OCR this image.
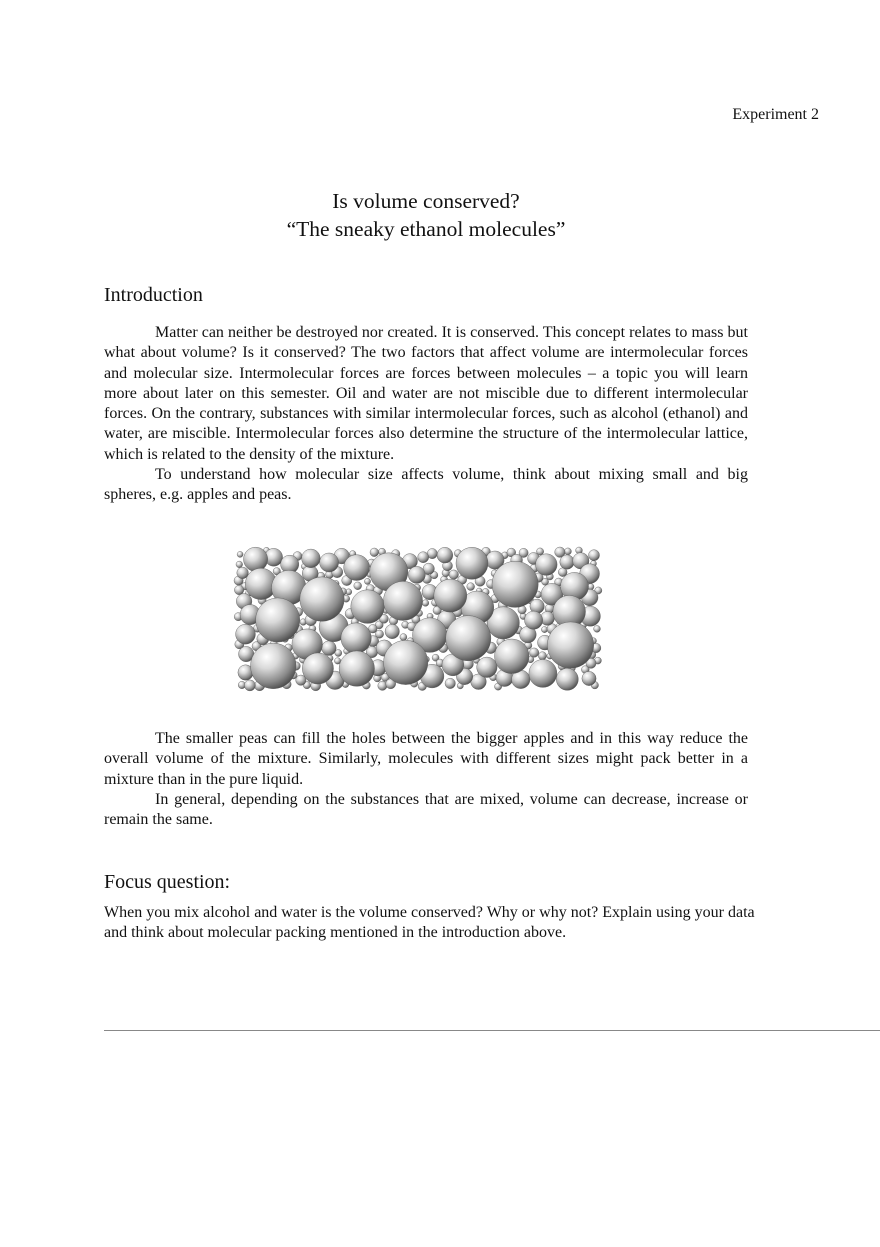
Experiment 2
Is volume conserved?
“The sneaky ethanol molecules”
Introduction

Matter can neither be destroyed nor created. It is conserved. This concept relates to mass but what about volume? Is it conserved? The two factors that affect volume are intermolecular forces and molecular size. Intermolecular forces are forces between molecules – a topic you will learn more about later on this semester. Oil and water are not miscible due to different intermolecular forces. On the contrary, substances with similar intermolecular forces, such as alcohol (ethanol) and water, are miscible. Intermolecular forces also determine the structure of the intermolecular lattice, which is related to the density of the mixture.

To understand how molecular size affects volume, think about mixing small and big spheres, e.g. apples and peas.

The smaller peas can fill the holes between the bigger apples and in this way reduce the overall volume of the mixture. Similarly, molecules with different sizes might pack better in a mixture than in the pure liquid.

In general, depending on the substances that are mixed, volume can decrease, increase or remain the same.

Focus question:
When you mix alcohol and water is the volume conserved? Why or why not? Explain using your data and think about molecular packing mentioned in the introduction above.
